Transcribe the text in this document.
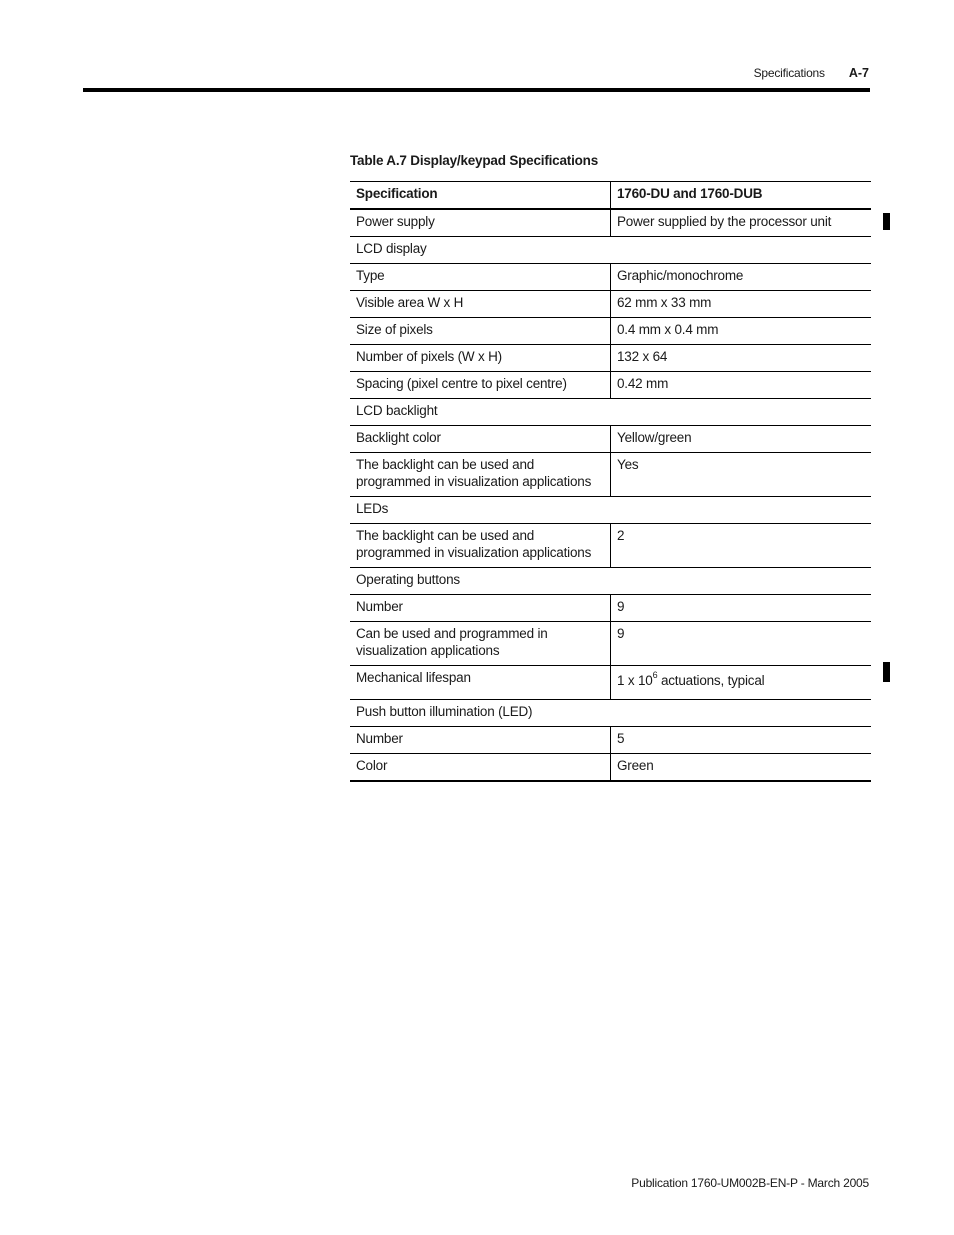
Specifications A-7
Table A.7 Display/keypad Specifications
Specification	1760-DU and 1760-DUB
Power supply	Power supplied by the processor unit
LCD display	
Type	Graphic/monochrome
Visible area W x H	62 mm x 33 mm
Size of pixels	0.4 mm x 0.4 mm
Number of pixels (W x H)	132 x 64
Spacing (pixel centre to pixel centre)	0.42 mm
LCD backlight	
Backlight color	Yellow/green
The backlight can be used and programmed in visualization applications	Yes
LEDs	
The backlight can be used and programmed in visualization applications	2
Operating buttons	
Number	9
Can be used and programmed in visualization applications	9
Mechanical lifespan	1 x $10^6$ actuations, typical
Push button illumination (LED)	
Number	5
Color	Green
Publication 1760-UM002B-EN-P - March 2005
